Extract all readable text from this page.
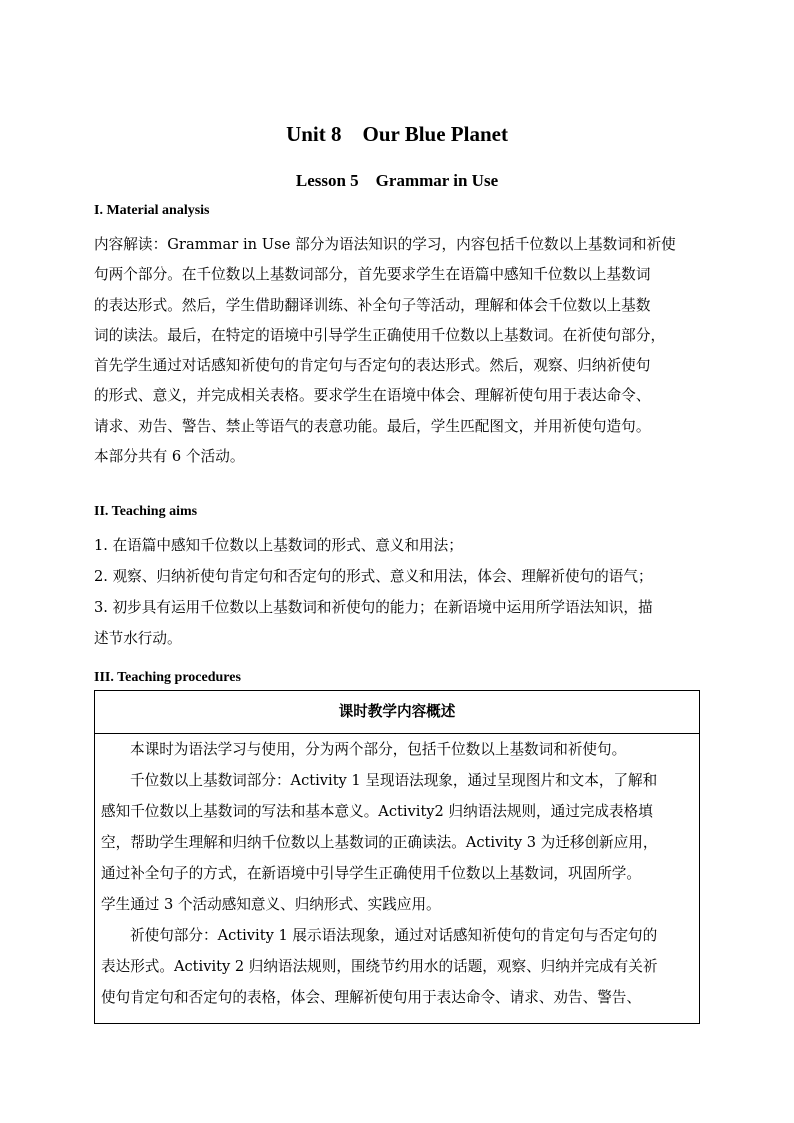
Unit 8　Our Blue Planet
Lesson 5　Grammar in Use
I. Material analysis
内容解读：Grammar in Use 部分为语法知识的学习，内容包括千位数以上基数词和祈使
句两个部分。在千位数以上基数词部分，首先要求学生在语篇中感知千位数以上基数词
的表达形式。然后，学生借助翻译训练、补全句子等活动，理解和体会千位数以上基数
词的读法。最后，在特定的语境中引导学生正确使用千位数以上基数词。在祈使句部分，
首先学生通过对话感知祈使句的肯定句与否定句的表达形式。然后，观察、归纳祈使句
的形式、意义，并完成相关表格。要求学生在语境中体会、理解祈使句用于表达命令、
请求、劝告、警告、禁止等语气的表意功能。最后，学生匹配图文，并用祈使句造句。
本部分共有 6 个活动。
II. Teaching aims
1. 在语篇中感知千位数以上基数词的形式、意义和用法；
2. 观察、归纳祈使句肯定句和否定句的形式、意义和用法，体会、理解祈使句的语气；
3. 初步具有运用千位数以上基数词和祈使句的能力；在新语境中运用所学语法知识，描
述节水行动。
III. Teaching procedures
课时教学内容概述
本课时为语法学习与使用，分为两个部分，包括千位数以上基数词和祈使句。
千位数以上基数词部分：Activity 1 呈现语法现象，通过呈现图片和文本，了解和
感知千位数以上基数词的写法和基本意义。Activity2 归纳语法规则，通过完成表格填
空，帮助学生理解和归纳千位数以上基数词的正确读法。Activity 3 为迁移创新应用，
通过补全句子的方式，在新语境中引导学生正确使用千位数以上基数词，巩固所学。
学生通过 3 个活动感知意义、归纳形式、实践应用。
祈使句部分：Activity 1 展示语法现象，通过对话感知祈使句的肯定句与否定句的
表达形式。Activity 2 归纳语法规则，围绕节约用水的话题，观察、归纳并完成有关祈
使句肯定句和否定句的表格，体会、理解祈使句用于表达命令、请求、劝告、警告、
